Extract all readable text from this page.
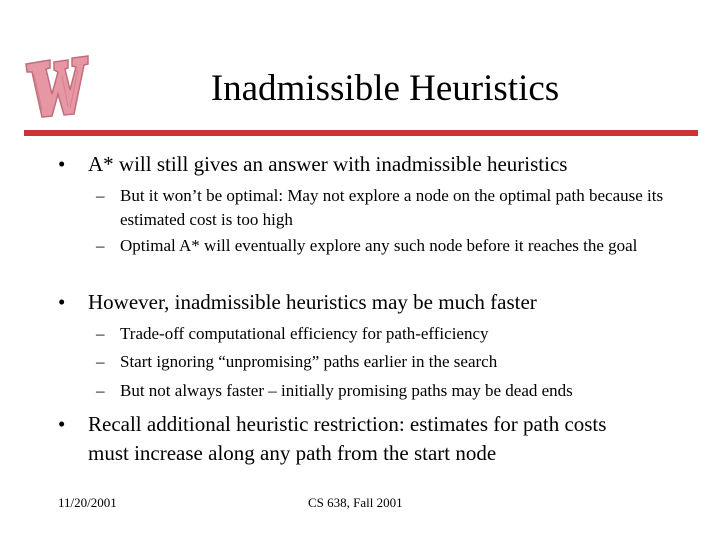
Inadmissible Heuristics
• A* will still gives an answer with inadmissible heuristics
– But it won’t be optimal: May not explore a node on the optimal path because its estimated cost is too high
– Optimal A* will eventually explore any such node before it reaches the goal
• However, inadmissible heuristics may be much faster
– Trade-off computational efficiency for path-efficiency
– Start ignoring “unpromising” paths earlier in the search
– But not always faster – initially promising paths may be dead ends
• Recall additional heuristic restriction: estimates for path costs must increase along any path from the start node
11/20/2001	CS 638, Fall 2001
